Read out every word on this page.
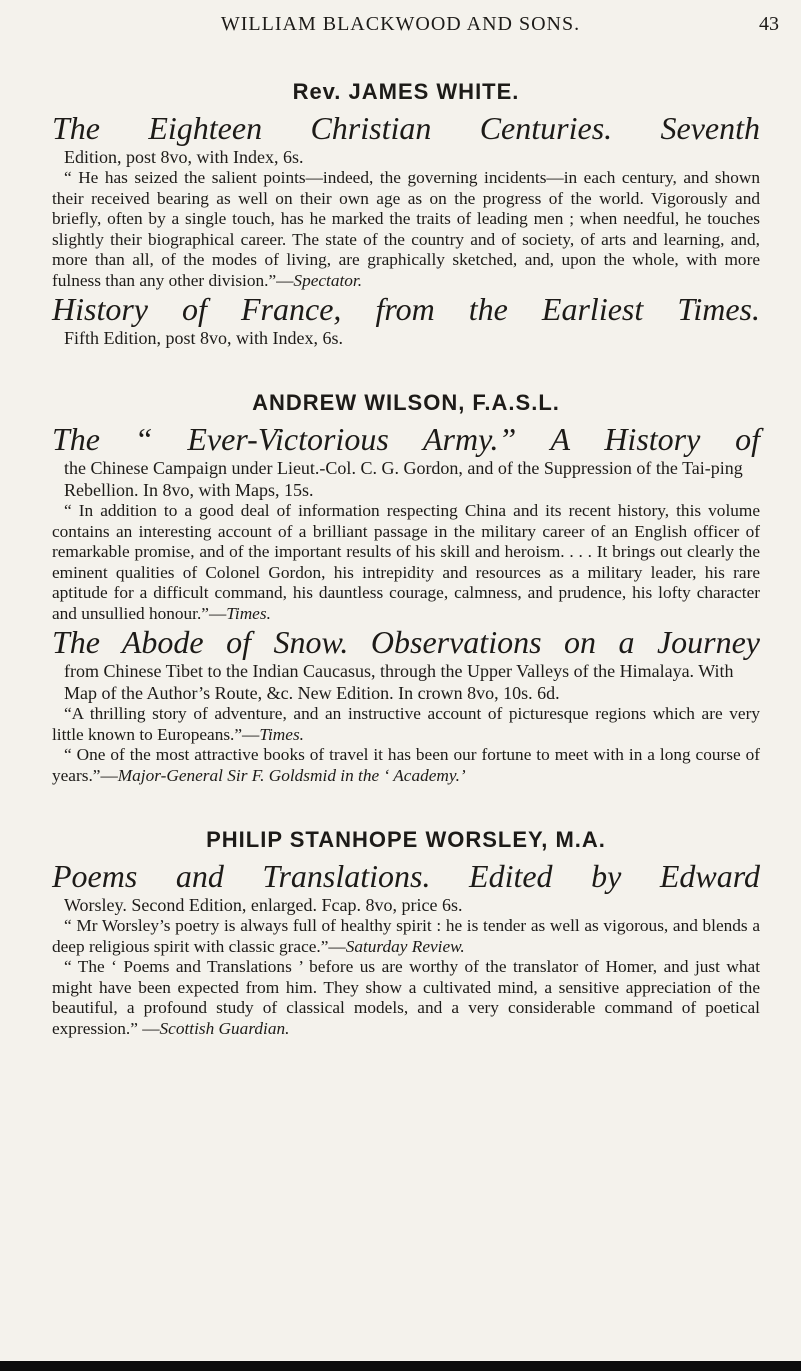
WILLIAM BLACKWOOD AND SONS.	43
Rev. JAMES WHITE.

The Eighteen Christian Centuries. Seventh

Edition, post 8vo, with Index, 6s.

“ He has seized the salient points—indeed, the governing incidents—in each century, and shown their received bearing as well on their own age as on the progress of the world. Vigorously and briefly, often by a single touch, has he marked the traits of leading men ; when needful, he touches slightly their biographical career. The state of the country and of society, of arts and learning, and, more than all, of the modes of living, are graphically sketched, and, upon the whole, with more fulness than any other division.”—Spectator.

History of France, from the Earliest Times.

Fifth Edition, post 8vo, with Index, 6s.

ANDREW WILSON, F.A.S.L.

The “ Ever-Victorious Army.” A History of

the Chinese Campaign under Lieut.-Col. C. G. Gordon, and of the Suppression of the Tai-ping Rebellion. In 8vo, with Maps, 15s.

“ In addition to a good deal of information respecting China and its recent history, this volume contains an interesting account of a brilliant passage in the military career of an English officer of remarkable promise, and of the important results of his skill and heroism. . . . It brings out clearly the eminent qualities of Colonel Gordon, his intrepidity and resources as a military leader, his rare aptitude for a difficult command, his dauntless courage, calmness, and prudence, his lofty character and unsullied honour.”—Times.

The Abode of Snow. Observations on a Journey

from Chinese Tibet to the Indian Caucasus, through the Upper Valleys of the Himalaya. With Map of the Author’s Route, &c. New Edition. In crown 8vo, 10s. 6d.

“A thrilling story of adventure, and an instructive account of picturesque regions which are very little known to Europeans.”—Times.

“ One of the most attractive books of travel it has been our fortune to meet with in a long course of years.”—Major-General Sir F. Goldsmid in the ‘ Academy.’

PHILIP STANHOPE WORSLEY, M.A.

Poems and Translations. Edited by Edward

Worsley. Second Edition, enlarged. Fcap. 8vo, price 6s.

“ Mr Worsley’s poetry is always full of healthy spirit : he is tender as well as vigorous, and blends a deep religious spirit with classic grace.”—Saturday Review.

“ The ‘ Poems and Translations ’ before us are worthy of the translator of Homer, and just what might have been expected from him. They show a cultivated mind, a sensitive appreciation of the beautiful, a profound study of classical models, and a very considerable command of poetical expression.” —Scottish Guardian.
